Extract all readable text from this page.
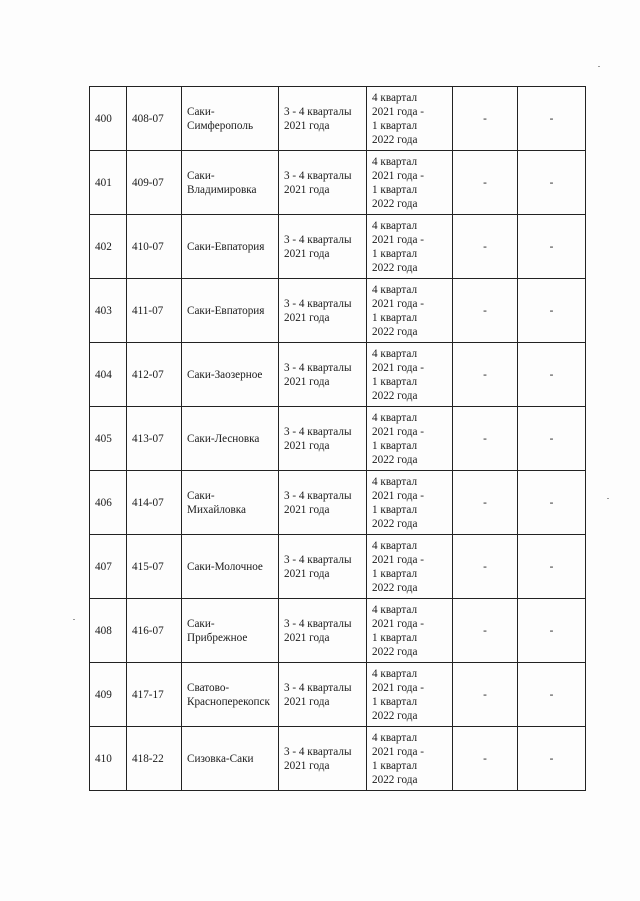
400	408-07	Саки-
Симферополь	3 - 4 кварталы
2021 года	4 квартал
2021 года -
1 квартал
2022 года	-	-

401	409-07	Саки-
Владимировка	3 - 4 кварталы
2021 года	4 квартал
2021 года -
1 квартал
2022 года	-	-

402	410-07	Саки-Евпатория	3 - 4 кварталы
2021 года	4 квартал
2021 года -
1 квартал
2022 года	-	-

403	411-07	Саки-Евпатория	3 - 4 кварталы
2021 года	4 квартал
2021 года -
1 квартал
2022 года	-	-

404	412-07	Саки-Заозерное	3 - 4 кварталы
2021 года	4 квартал
2021 года -
1 квартал
2022 года	-	-

405	413-07	Саки-Лесновка	3 - 4 кварталы
2021 года	4 квартал
2021 года -
1 квартал
2022 года	-	-

406	414-07	Саки-
Михайловка	3 - 4 кварталы
2021 года	4 квартал
2021 года -
1 квартал
2022 года	-	-

407	415-07	Саки-Молочное	3 - 4 кварталы
2021 года	4 квартал
2021 года -
1 квартал
2022 года	-	-

408	416-07	Саки-
Прибрежное	3 - 4 кварталы
2021 года	4 квартал
2021 года -
1 квартал
2022 года	-	-

409	417-17	Сватово-
Красноперекопск	3 - 4 кварталы
2021 года	4 квартал
2021 года -
1 квартал
2022 года	-	-

410	418-22	Сизовка-Саки	3 - 4 кварталы
2021 года	4 квартал
2021 года -
1 квартал
2022 года	-	-
